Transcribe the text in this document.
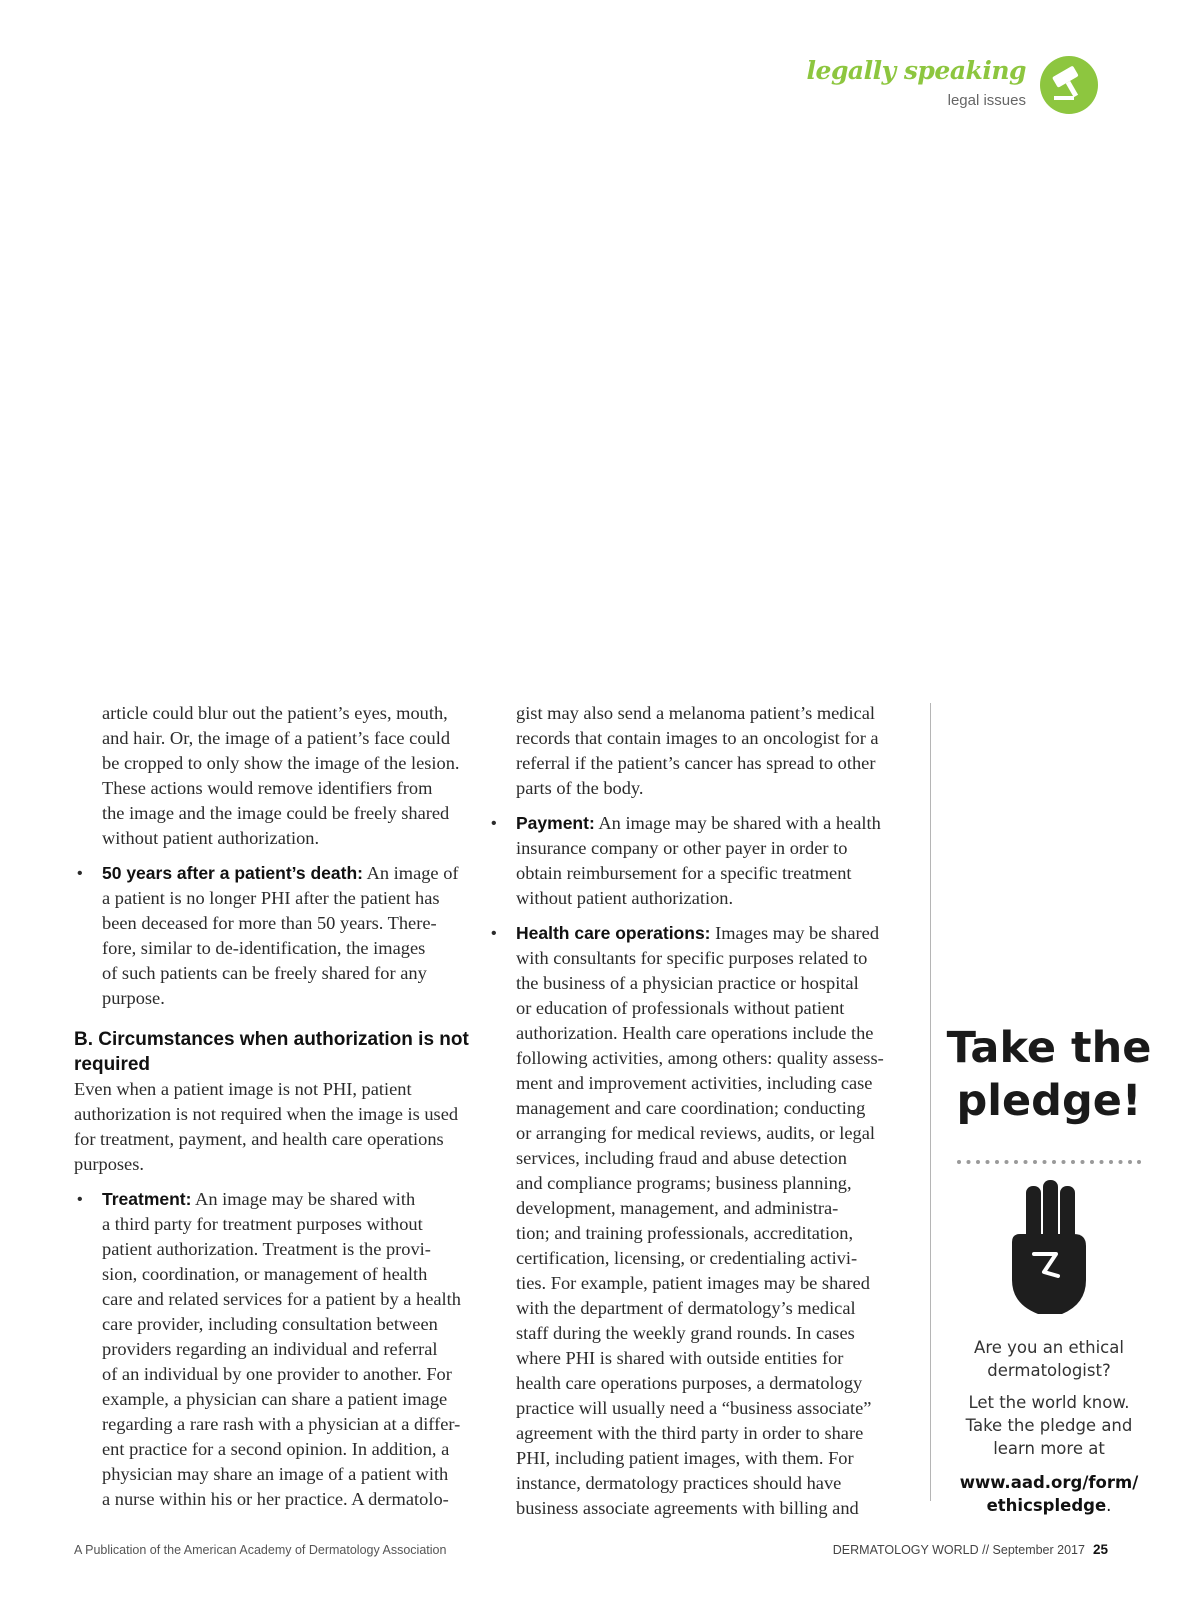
legally speaking
legal issues

article could blur out the patient’s eyes, mouth,

and hair. Or, the image of a patient’s face could

be cropped to only show the image of the lesion.

These actions would remove identifiers from

the image and the image could be freely shared

without patient authorization.

• 50 years after a patient’s death: An image of

a patient is no longer PHI after the patient has

been deceased for more than 50 years. There-

fore, similar to de-identification, the images

of such patients can be freely shared for any

purpose.

B. Circumstances when authorization is not

required

Even when a patient image is not PHI, patient

authorization is not required when the image is used

for treatment, payment, and health care operations

purposes.

• Treatment: An image may be shared with

a third party for treatment purposes without

patient authorization. Treatment is the provi-

sion, coordination, or management of health

care and related services for a patient by a health

care provider, including consultation between

providers regarding an individual and referral

of an individual by one provider to another. For

example, a physician can share a patient image

regarding a rare rash with a physician at a differ-

ent practice for a second opinion. In addition, a

physician may share an image of a patient with

a nurse within his or her practice. A dermatolo-

gist may also send a melanoma patient’s medical

records that contain images to an oncologist for a

referral if the patient’s cancer has spread to other

parts of the body.

• Payment: An image may be shared with a health

insurance company or other payer in order to

obtain reimbursement for a specific treatment

without patient authorization.

• Health care operations: Images may be shared

with consultants for specific purposes related to

the business of a physician practice or hospital

or education of professionals without patient

authorization. Health care operations include the

following activities, among others: quality assess-

ment and improvement activities, including case

management and care coordination; conducting

or arranging for medical reviews, audits, or legal

services, including fraud and abuse detection

and compliance programs; business planning,

development, management, and administra-

tion; and training professionals, accreditation,

certification, licensing, or credentialing activi-

ties. For example, patient images may be shared

with the department of dermatology’s medical

staff during the weekly grand rounds. In cases

where PHI is shared with outside entities for

health care operations purposes, a dermatology

practice will usually need a “business associate”

agreement with the third party in order to share

PHI, including patient images, with them. For

instance, dermatology practices should have

business associate agreements with billing and

Take the
pledge!
Are you an ethical
dermatologist?
Let the world know.
Take the pledge and
learn more at
www.aad.org/form/
ethicspledge.
A Publication of the American Academy of Dermatology Association	DERMATOLOGY WORLD // September 2017 25
